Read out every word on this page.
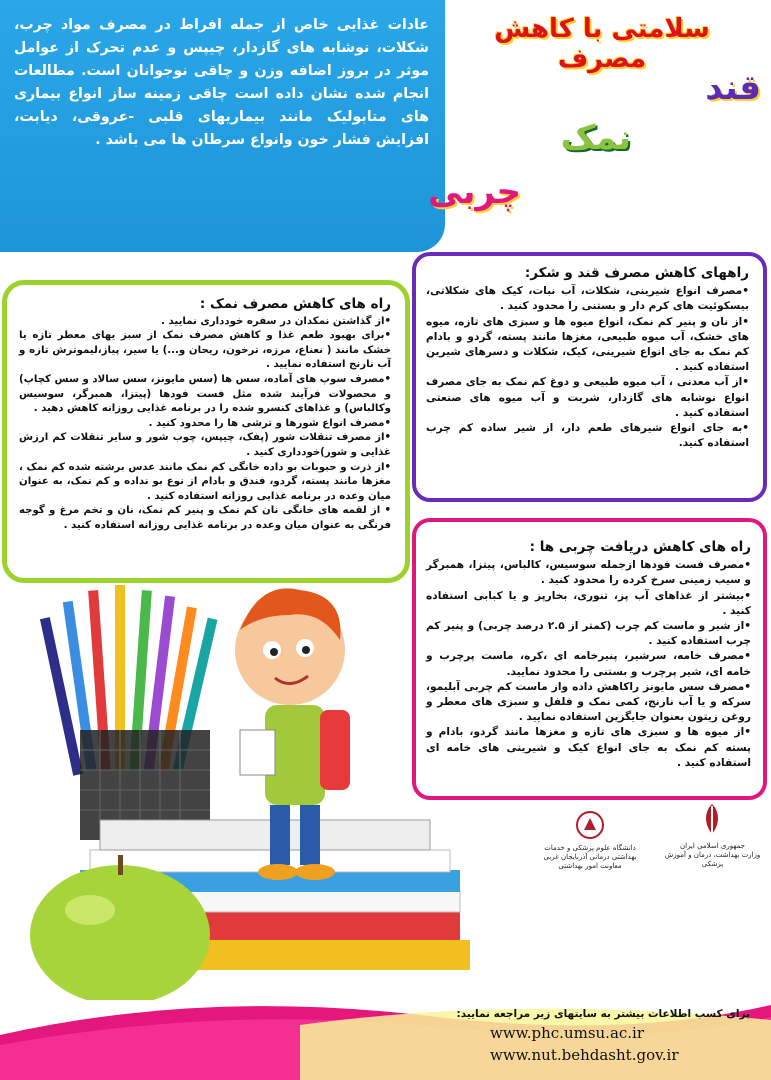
عادات غذایی خاص از جمله افراط در مصرف مواد چرب، شکلات، نوشابه های گازدار، چیپس و عدم تحرک از عوامل موثر در بروز اضافه وزن و چاقی نوجوانان است. مطالعات انجام شده نشان داده است چاقی زمینه ساز انواع بیماری های متابولیک مانند بیماریهای قلبی -عروقی، دیابت، افزایش فشار خون وانواع سرطان ها می باشد .
سلامتی با کاهش مصرف
قند
نمک
چربی
راههای کاهش مصرف قند و شکر:

•مصرف انواع شیرینی، شکلات، آب نبات، کیک های شکلاتی، بیسکوئیت های کرم دار و بستنی را محدود کنید .

•از نان و پنیر کم نمک، انواع میوه ها و سبزی های تازه، میوه های خشک، آب میوه طبیعی، مغزها مانند پسته، گردو و بادام کم نمک به جای انواع شیرینی، کیک، شکلات و دسرهای شیرین استفاده کنید .

•از آب معدنی ، آب میوه طبیعی و دوغ کم نمک به جای مصرف انواع نوشابه های گازدار، شربت و آب میوه های صنعتی استفاده کنید .

•به جای انواع شیرهای طعم دار، از شیر ساده کم چرب استفاده کنید.

راه های کاهش مصرف نمک :

•از گذاشتن نمکدان در سفره خودداری نمایید .

•برای بهبود طعم غذا و کاهش مصرف نمک از سبز یهای معطر تازه یا خشک مانند ( نعناع، مرزه، ترخون، ریحان و...) یا سیر، پیاز،لیموترش تازه و آب نارنج استفاده نمایید .

•مصرف سوپ های آماده، سس ها (سس مایونز، سس سالاد و سس کچاپ) و محصولات فرآیند شده مثل فست فودها (پیتزا، همبرگر، سوسیس وکالباس) و غذاهای کنسرو شده را در برنامه غذایی روزانه کاهش دهید .

•مصرف انواع شورها و ترشی ها را محدود کنید .

•از مصرف تنقلات شور (پفک، چیپس، چوب شور و سایر تنقلات کم ارزش غذایی و شور)خودداری کنید .

•از ذرت و حبوبات بو داده خانگی کم نمک مانند عدس برشته شده کم نمک ، مغزها مانند پسته، گردو، فندق و بادام از نوع بو نداده و کم نمک، به عنوان میان وعده در برنامه غذایی روزانه استفاده کنید .

• از لقمه های خانگی نان کم نمک و پنیر کم نمک، نان و تخم مرغ و گوجه فرنگی به عنوان میان وعده در برنامه غذایی روزانه استفاده کنید .

راه های کاهش دریافت چربی ها :

•مصرف فست فودها ازجمله سوسیس، کالباس، پیتزا، همبرگر و سیب زمینی سرخ کرده را محدود کنید .

•بیشتر از غذاهای آب پز، تنوری، بخارپز و یا کبابی استفاده کنید .

•از شیر و ماست کم چرب (کمتر از ۲.۵ درصد چربی) و پنیر کم چرب استفاده کنید .

•مصرف خامه، سرشیر، پنیرخامه ای ،کره، ماست پرچرب و خامه ای، شیر پرچرب و بستنی را محدود نمایید.

•مصرف سس مایونز راکاهش داده واز ماست کم چربی آبلیمو، سرکه و یا آب نارنج، کمی نمک و فلفل و سبزی های معطر و روغن زیتون بعنوان جایگزین استفاده نمایید .

•از میوه ها و سبزی های تازه و مغزها مانند گردو، بادام و پسته کم نمک به جای انواع کیک و شیرینی های خامه ای استفاده کنید .

دانشگاه علوم پزشکی و خدمات بهداشتی درمانی آذربایجان غربی
معاونت امور بهداشتی
جمهوری اسلامی ایران
وزارت بهداشت، درمان و آموزش پزشکی
برای کسب اطلاعات بیشتر به سایتهای زیر مراجعه نمایید:
www.phc.umsu.ac.ir
www.nut.behdasht.gov.ir
